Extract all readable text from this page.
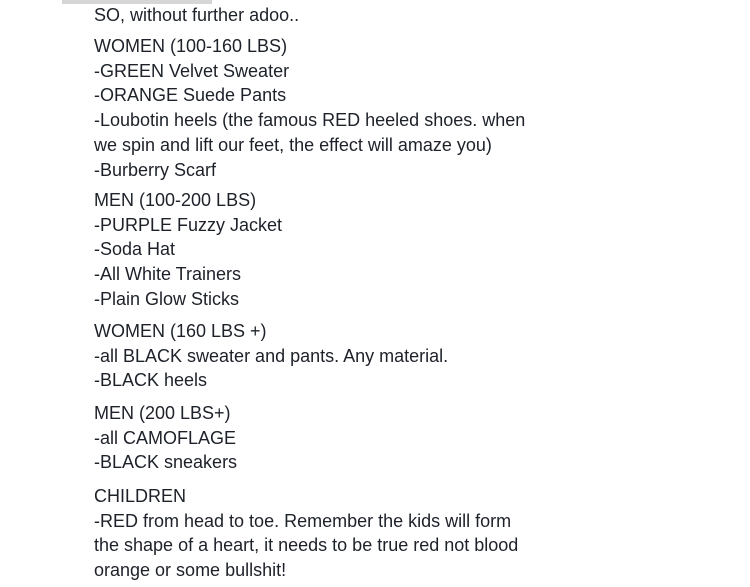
SO, without further adoo..
WOMEN (100-160 LBS)
-GREEN Velvet Sweater
-ORANGE Suede Pants
-Loubotin heels (the famous RED heeled shoes. when
we spin and lift our feet, the effect will amaze you)
-Burberry Scarf
MEN (100-200 LBS)
-PURPLE Fuzzy Jacket
-Soda Hat
-All White Trainers
-Plain Glow Sticks
WOMEN (160 LBS +)
-all BLACK sweater and pants. Any material.
-BLACK heels
MEN (200 LBS+)
-all CAMOFLAGE
-BLACK sneakers
CHILDREN
-RED from head to toe. Remember the kids will form
the shape of a heart, it needs to be true red not blood
orange or some bullshit!
